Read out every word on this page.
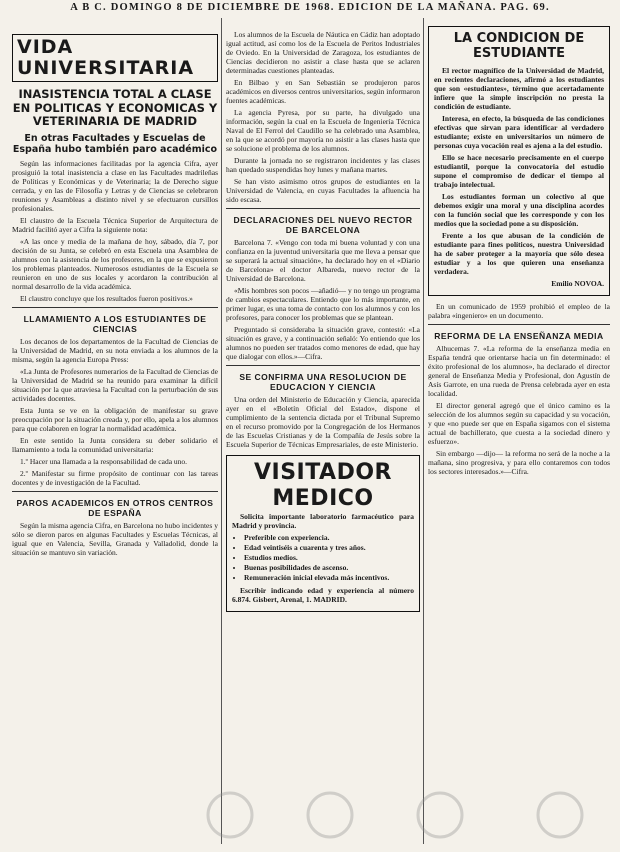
A B C. DOMINGO 8 DE DICIEMBRE DE 1968. EDICION DE LA MAÑANA. PAG. 69.
VIDA
UNIVERSITARIA
INASISTENCIA TOTAL A CLASE EN POLITICAS Y ECONOMICAS Y VETERINARIA DE MADRID
En otras Facultades y Escuelas de España hubo también paro académico

Según las informaciones facilitadas por la agencia Cifra, ayer prosiguió la total inasistencia a clase en las Facultades madrileñas de Políticas y Económicas y de Veterinaria; la de Derecho sigue cerrada, y en las de Filosofía y Letras y de Ciencias se celebraron reuniones y Asambleas a distinto nivel y se efectuaron cursillos profesionales.

El claustro de la Escuela Técnica Superior de Arquitectura de Madrid facilitó ayer a Cifra la siguiente nota:

«A las once y media de la mañana de hoy, sábado, día 7, por decisión de su Junta, se celebró en esta Escuela una Asamblea de alumnos con la asistencia de los profesores, en la que se expusieron los problemas planteados. Numerosos estudiantes de la Escuela se reunieron en uno de sus locales y acordaron la contribución al normal desarrollo de la vida académica.

El claustro concluye que los resultados fueron positivos.»

LLAMAMIENTO A LOS ESTUDIANTES DE CIENCIAS

Los decanos de los departamentos de la Facultad de Ciencias de la Universidad de Madrid, en su nota enviada a los alumnos de la misma, según la agencia Europa Press:

«La Junta de Profesores numerarios de la Facultad de Ciencias de la Universidad de Madrid se ha reunido para examinar la difícil situación por la que atraviesa la Facultad con la perturbación de sus actividades docentes.

Esta Junta se ve en la obligación de manifestar su grave preocupación por la situación creada y, por ello, apela a los alumnos para que colaboren en lograr la normalidad académica.

En este sentido la Junta considera su deber solidario el llamamiento a toda la comunidad universitaria:

1.º Hacer una llamada a la responsabilidad de cada uno.

2.º Manifestar su firme propósito de continuar con las tareas docentes y de investigación de la Facultad.

PAROS ACADEMICOS EN OTROS CENTROS DE ESPAÑA

Según la misma agencia Cifra, en Barcelona no hubo incidentes y sólo se dieron paros en algunas Facultades y Escuelas Técnicas, al igual que en Valencia, Sevilla, Granada y Valladolid, donde la situación se mantuvo sin variación.

Los alumnos de la Escuela de Náutica en Cádiz han adoptado igual actitud, así como los de la Escuela de Peritos Industriales de Oviedo. En la Universidad de Zaragoza, los estudiantes de Ciencias decidieron no asistir a clase hasta que se aclaren determinadas cuestiones planteadas.

En Bilbao y en San Sebastián se produjeron paros académicos en diversos centros universitarios, según informaron fuentes académicas.

La agencia Pyresa, por su parte, ha divulgado una información, según la cual en la Escuela de Ingeniería Técnica Naval de El Ferrol del Caudillo se ha celebrado una Asamblea, en la que se acordó por mayoría no asistir a las clases hasta que se solucione el problema de los alumnos.

Durante la jornada no se registraron incidentes y las clases han quedado suspendidas hoy lunes y mañana martes.

Se han visto asimismo otros grupos de estudiantes en la Universidad de Valencia, en cuyas Facultades la afluencia ha sido escasa.

DECLARACIONES DEL NUEVO RECTOR DE BARCELONA

Barcelona 7. «Vengo con toda mi buena voluntad y con una confianza en la juventud universitaria que me lleva a pensar que se superará la actual situación», ha declarado hoy en el «Diario de Barcelona» el doctor Albareda, nuevo rector de la Universidad de Barcelona.

«Mis hombres son pocos —añadió— y no tengo un programa de cambios espectaculares. Entiendo que lo más importante, en primer lugar, es una toma de contacto con los alumnos y con los profesores, para conocer los problemas que se plantean.

Preguntado si consideraba la situación grave, contestó: «La situación es grave, y a continuación señaló: Yo entiendo que los alumnos no pueden ser tratados como menores de edad, que hay que dialogar con ellos.»—Cifra.

SE CONFIRMA UNA RESOLUCION DE EDUCACION Y CIENCIA

Una orden del Ministerio de Educación y Ciencia, aparecida ayer en el «Boletín Oficial del Estado», dispone el cumplimiento de la sentencia dictada por el Tribunal Supremo en el recurso promovido por la Congregación de los Hermanos de las Escuelas Cristianas y de la Compañía de Jesús sobre la Escuela Superior de Técnicas Empresariales, de este Ministerio.

VISITADOR MEDICO

Solicita importante laboratorio farmacéutico para Madrid y provincia.

• Preferible con experiencia.
• Edad veintiséis a cuarenta y tres años.
• Estudios medios.
• Buenas posibilidades de ascenso.
• Remuneración inicial elevada más incentivos.

Escribir indicando edad y experiencia al número 6.874. Gisbert, Arenal, 1. MADRID.

LA CONDICION DE ESTUDIANTE

El rector magnífico de la Universidad de Madrid, en recientes declaraciones, afirmó a los estudiantes que son «estudiantes», término que acertadamente infiere que la simple inscripción no presta la condición de estudiante.

Interesa, en efecto, la búsqueda de las condiciones efectivas que sirvan para identificar al verdadero estudiante; existe en universitarios un número de personas cuya vocación real es ajena a la del estudio.

Ello se hace necesario precisamente en el cuerpo estudiantil, porque la convocatoria del estudio supone el compromiso de dedicar el tiempo al trabajo intelectual.

Los estudiantes forman un colectivo al que debemos exigir una moral y una disciplina acordes con la función social que les corresponde y con los medios que la sociedad pone a su disposición.

Frente a los que abusan de la condición de estudiante para fines políticos, nuestra Universidad ha de saber proteger a la mayoría que sólo desea estudiar y a los que quieren una enseñanza verdadera.

Emilio NOVOA.

En un comunicado de 1959 prohibió el empleo de la palabra «ingeniero» en un documento.

REFORMA DE LA ENSEÑANZA MEDIA

Alhucemas 7. «La reforma de la enseñanza media en España tendrá que orientarse hacia un fin determinado: el éxito profesional de los alumnos», ha declarado el director general de Enseñanza Media y Profesional, don Agustín de Asís Garrote, en una rueda de Prensa celebrada ayer en esta localidad.

El director general agregó que el único camino es la selección de los alumnos según su capacidad y su vocación, y que «no puede ser que en España sigamos con el sistema actual de bachillerato, que cuesta a la sociedad dinero y esfuerzo».

Sin embargo —dijo— la reforma no será de la noche a la mañana, sino progresiva, y para ello contaremos con todos los sectores interesados.»—Cifra.
